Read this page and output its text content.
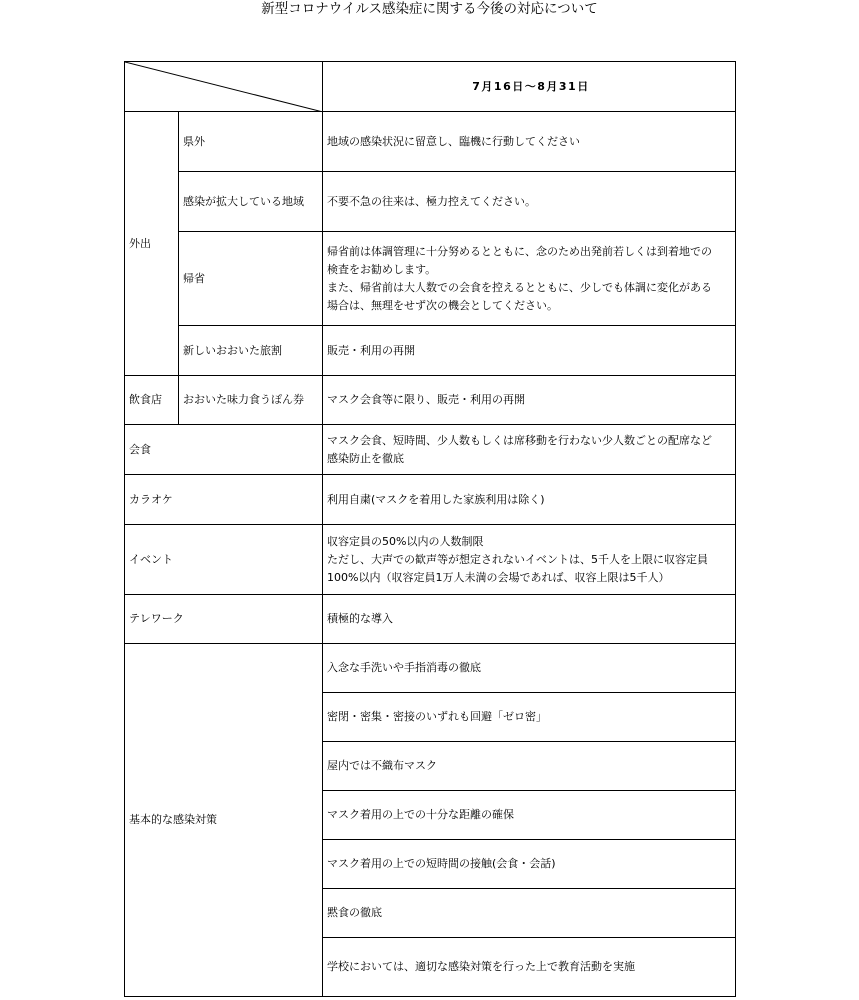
新型コロナウイルス感染症に関する今後の対応について
	7月16日～8月31日
外出	県外	地域の感染状況に留意し、臨機に行動してください

	感染が拡大している地域	不要不急の往来は、極力控えてください。

	帰省	帰省前は体調管理に十分努めるとともに、念のため出発前若しくは到着地での
検査をお勧めします。
また、帰省前は大人数での会食を控えるとともに、少しでも体調に変化がある
場合は、無理をせず次の機会としてください。

	新しいおおいた旅割	販売・利用の再開

飲食店	おおいた味力食うぽん券	マスク会食等に限り、販売・利用の再開

会食		マスク会食、短時間、少人数もしくは席移動を行わない少人数ごとの配席など
感染防止を徹底

カラオケ		利用自粛(マスクを着用した家族利用は除く)

イベント		収容定員の50%以内の人数制限
ただし、大声での歓声等が想定されないイベントは、5千人を上限に収容定員
100%以内（収容定員1万人未満の会場であれば、収容上限は5千人）

テレワーク		積極的な導入

基本的な感染対策		入念な手洗いや手指消毒の徹底
		密閉・密集・密接のいずれも回避「ゼロ密」
		屋内では不織布マスク
		マスク着用の上での十分な距離の確保
		マスク着用の上での短時間の接触(会食・会話)
		黙食の徹底
		学校においては、適切な感染対策を行った上で教育活動を実施
